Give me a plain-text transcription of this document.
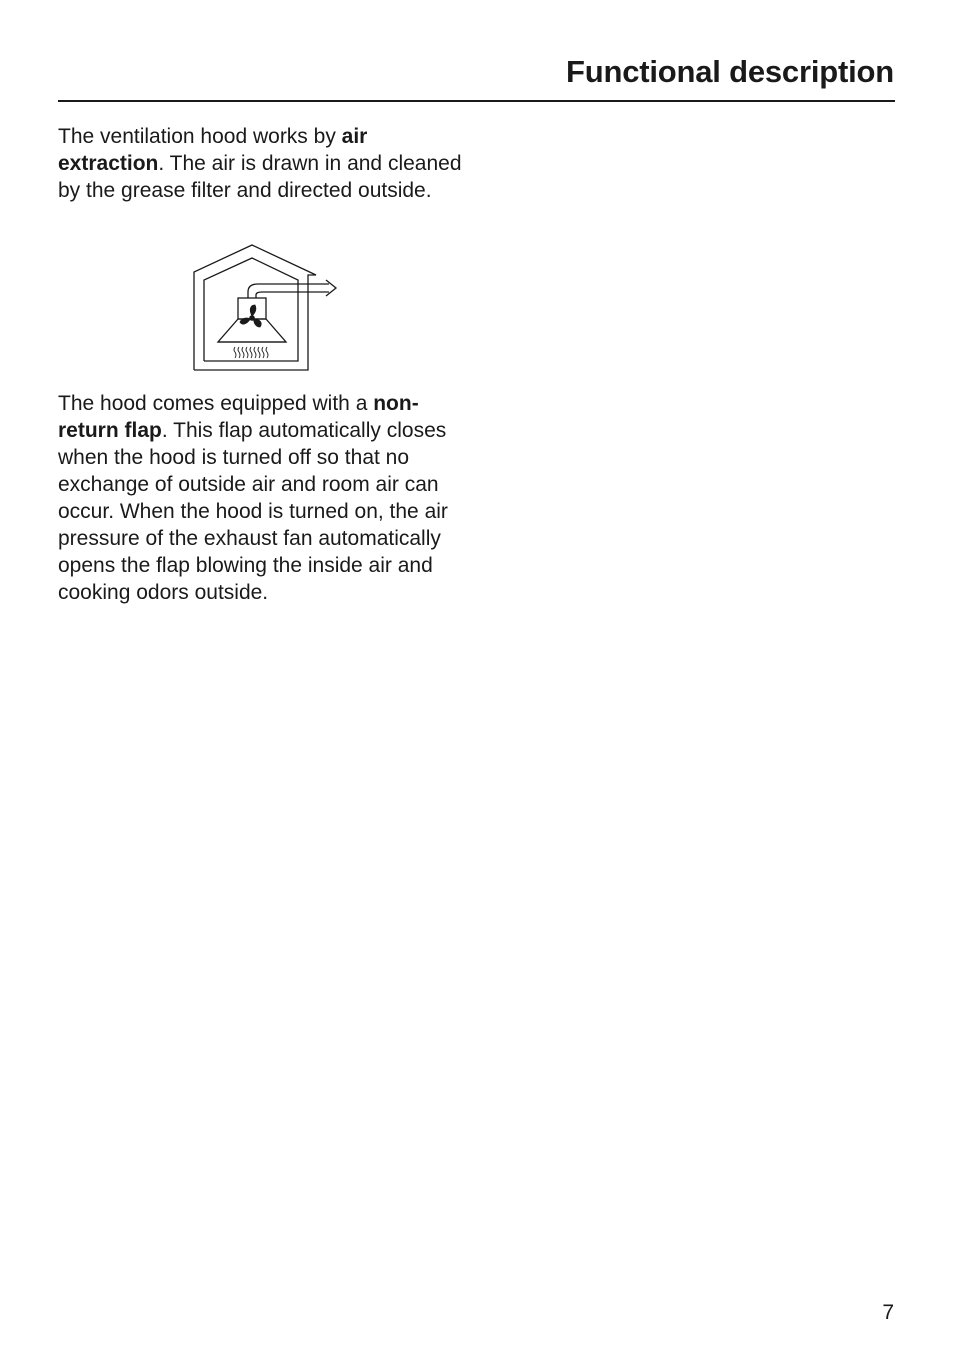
Functional description

The ventilation hood works by air extraction. The air is drawn in and cleaned by the grease filter and directed outside.

The hood comes equipped with a non-return flap. This flap automatically closes when the hood is turned off so that no exchange of outside air and room air can occur. When the hood is turned on, the air pressure of the exhaust fan automatically opens the flap blowing the inside air and cooking odors outside.

7
